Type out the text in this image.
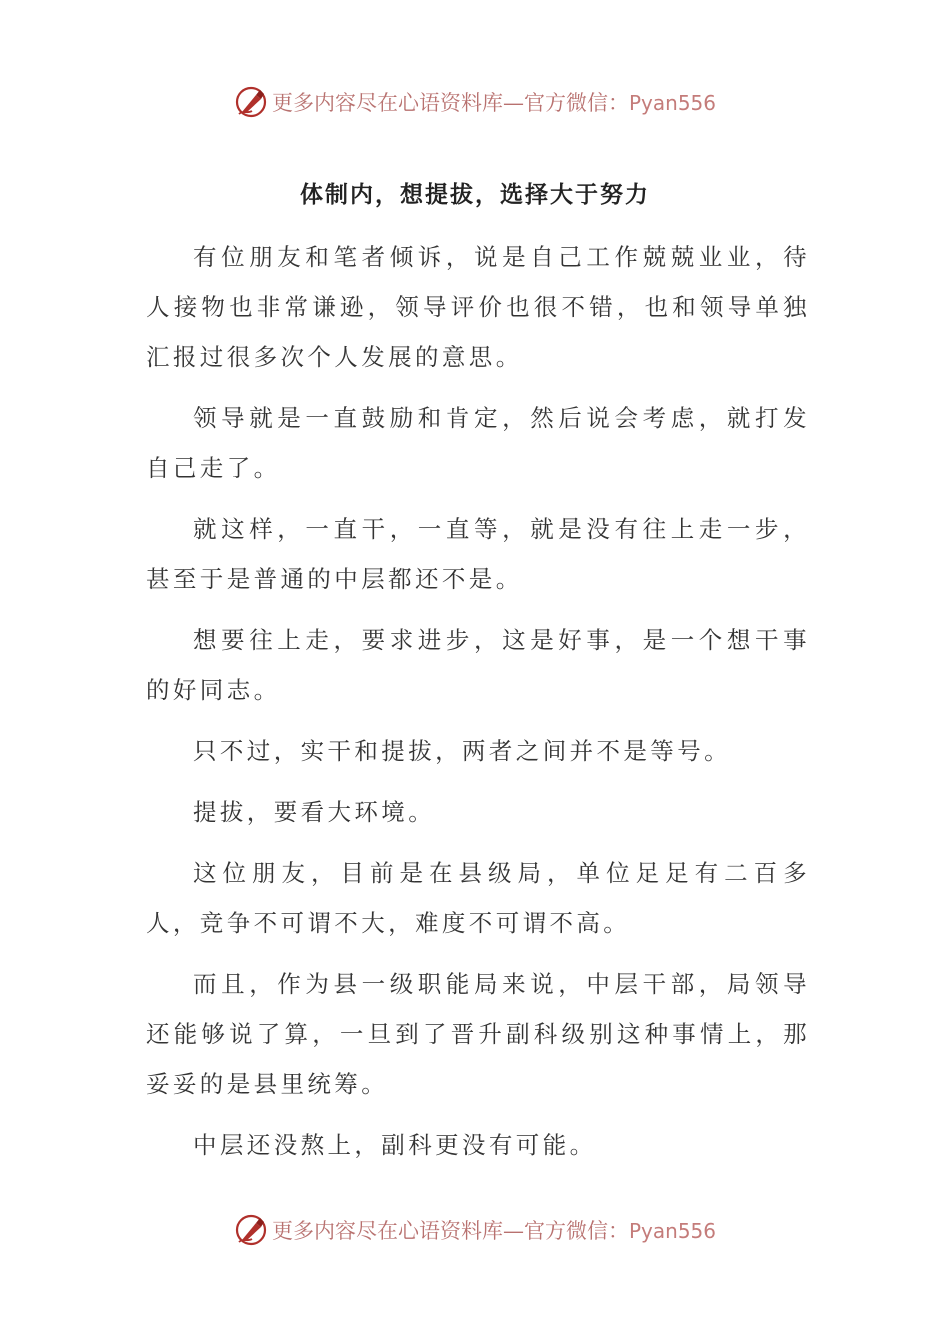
更多内容尽在心语资料库—官方微信：Pyan556
体制内，想提拔，选择大于努力

有位朋友和笔者倾诉，说是自己工作兢兢业业，待人接物也非常谦逊，领导评价也很不错，也和领导单独汇报过很多次个人发展的意思。

领导就是一直鼓励和肯定，然后说会考虑，就打发自己走了。

就这样，一直干，一直等，就是没有往上走一步，甚至于是普通的中层都还不是。

想要往上走，要求进步，这是好事，是一个想干事的好同志。

只不过，实干和提拔，两者之间并不是等号。

提拔，要看大环境。

这位朋友，目前是在县级局，单位足足有二百多人，竞争不可谓不大，难度不可谓不高。

而且，作为县一级职能局来说，中层干部，局领导还能够说了算，一旦到了晋升副科级别这种事情上，那妥妥的是县里统筹。

中层还没熬上，副科更没有可能。

更多内容尽在心语资料库—官方微信：Pyan556
